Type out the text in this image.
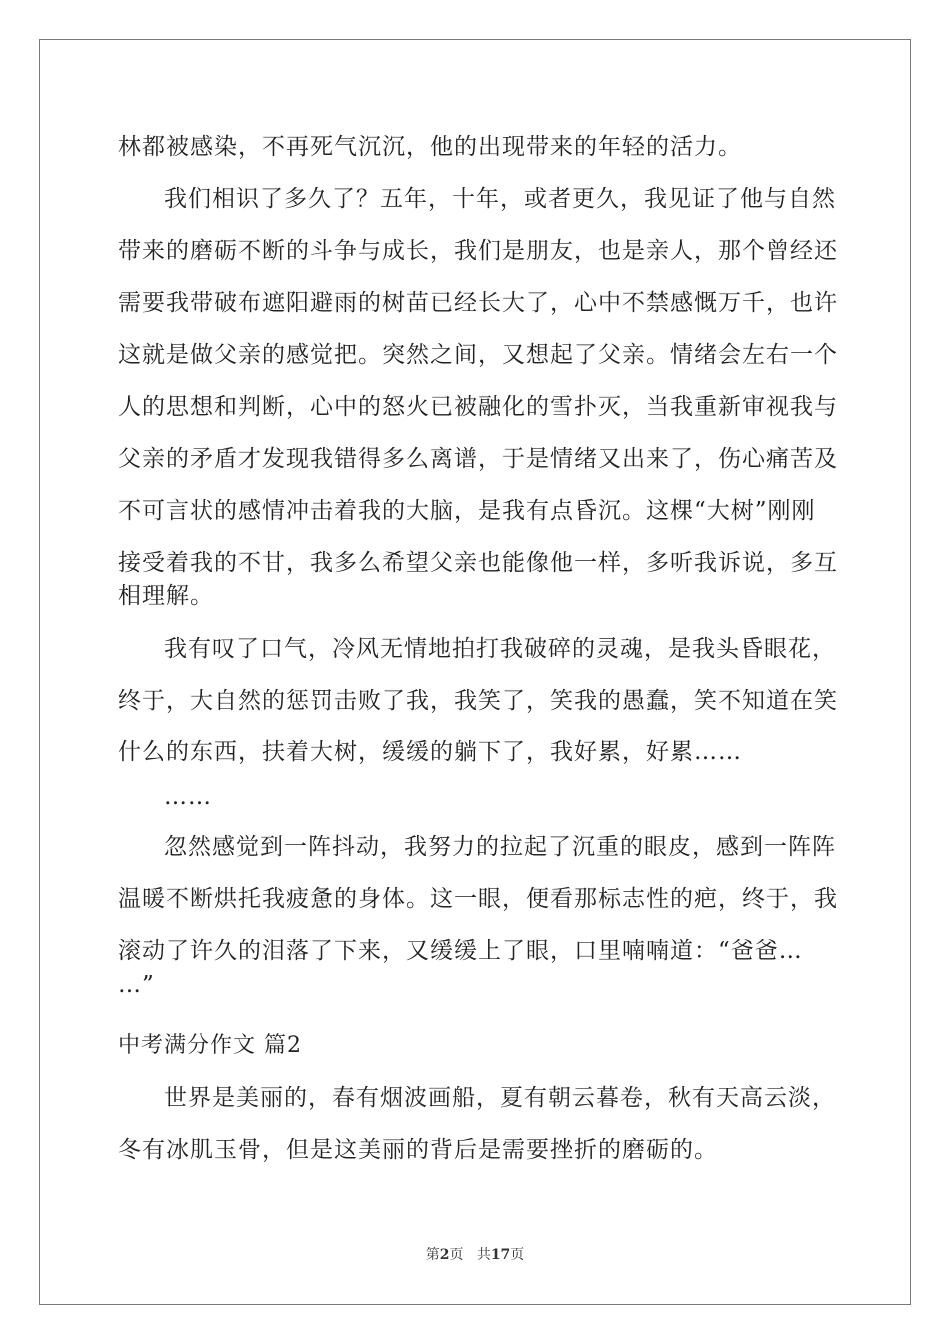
林都被感染，不再死气沉沉，他的出现带来的年轻的活力。
我们相识了多久了？五年，十年，或者更久，我见证了他与自然
带来的磨砺不断的斗争与成长，我们是朋友，也是亲人，那个曾经还
需要我带破布遮阳避雨的树苗已经长大了，心中不禁感慨万千，也许
这就是做父亲的感觉把。突然之间，又想起了父亲。情绪会左右一个
人的思想和判断，心中的怒火已被融化的雪扑灭，当我重新审视我与
父亲的矛盾才发现我错得多么离谱，于是情绪又出来了，伤心痛苦及
不可言状的感情冲击着我的大脑，是我有点昏沉。这棵“大树”刚刚
接受着我的不甘，我多么希望父亲也能像他一样，多听我诉说，多互
相理解。
我有叹了口气，冷风无情地拍打我破碎的灵魂，是我头昏眼花，
终于，大自然的惩罚击败了我，我笑了，笑我的愚蠢，笑不知道在笑
什么的东西，扶着大树，缓缓的躺下了，我好累，好累……
……
忽然感觉到一阵抖动，我努力的拉起了沉重的眼皮，感到一阵阵
温暖不断烘托我疲惫的身体。这一眼，便看那标志性的疤，终于，我
滚动了许久的泪落了下来，又缓缓上了眼，口里喃喃道：“爸爸…
…”
中考满分作文 篇2
世界是美丽的，春有烟波画船，夏有朝云暮卷，秋有天高云淡，
冬有冰肌玉骨，但是这美丽的背后是需要挫折的磨砺的。
第2页 共17页
